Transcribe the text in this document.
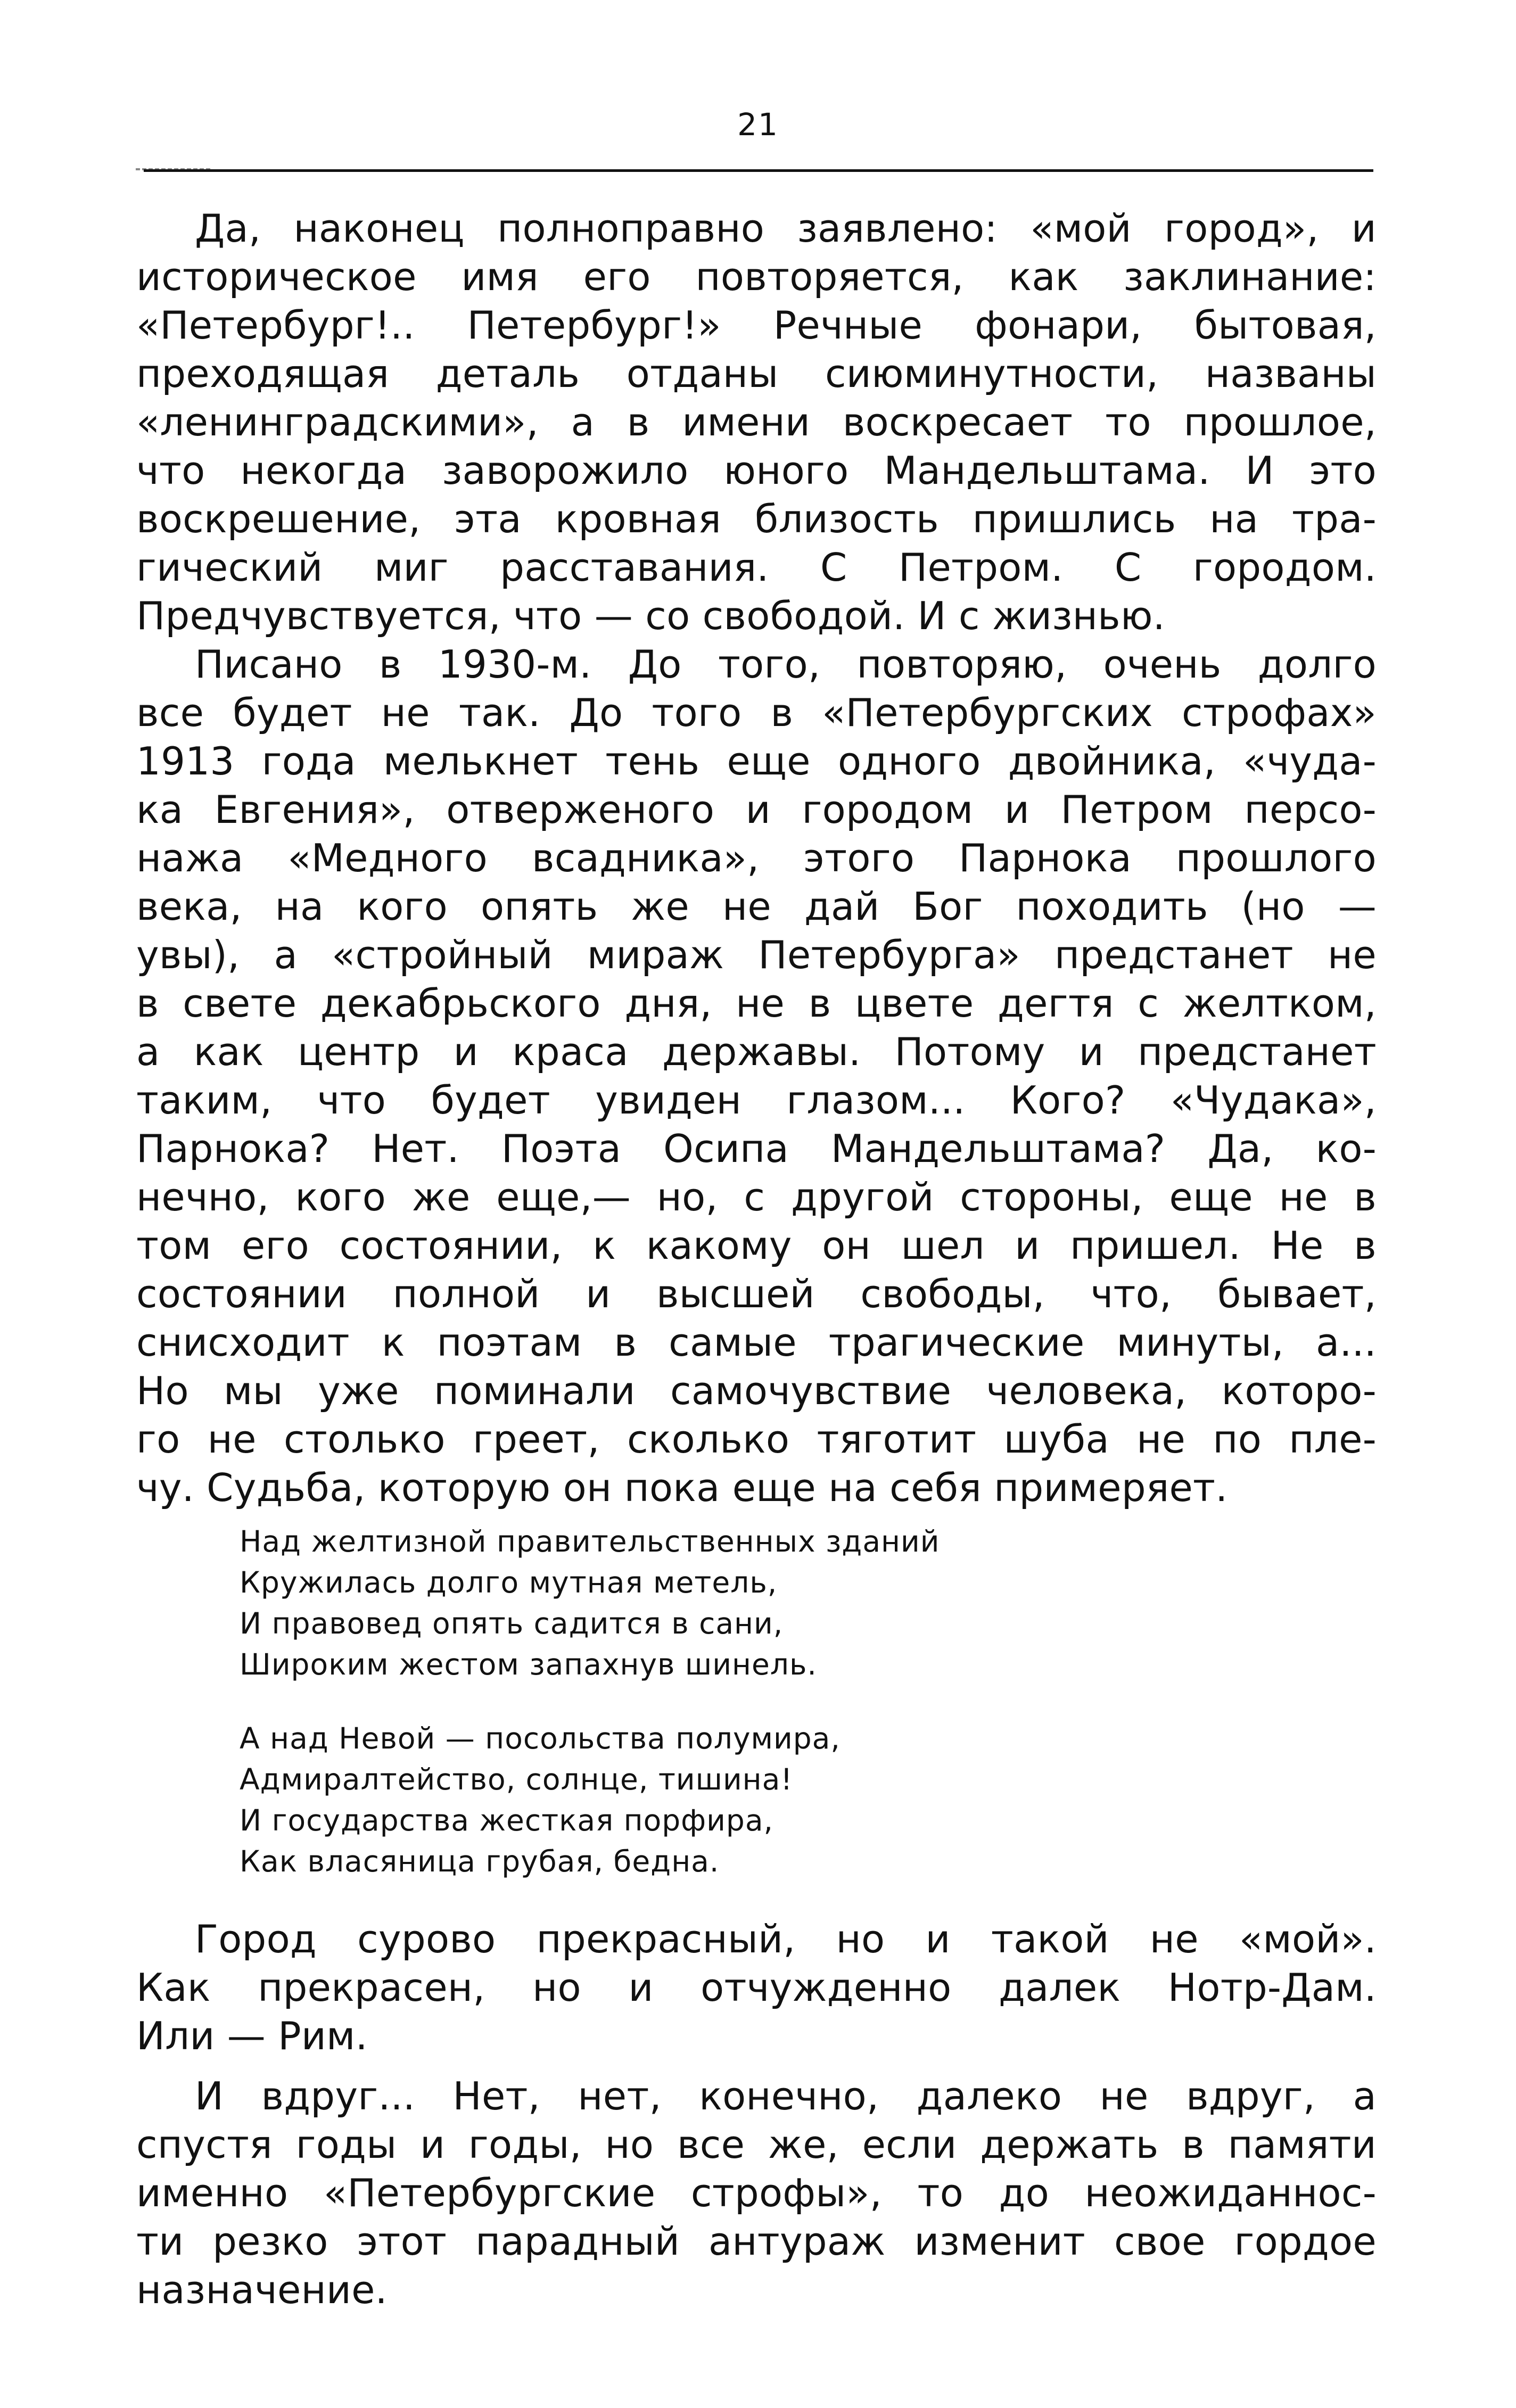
21
Да, наконец полноправно заявлено: «мой город», и
историческое имя его повторяется, как заклинание:
«Петербург!.. Петербург!» Речные фонари, бытовая,
преходящая деталь отданы сиюминутности, названы
«ленинградскими», а в имени воскресает то прошлое,
что некогда заворожило юного Мандельштама. И это
воскрешение, эта кровная близость пришлись на тра-
гический миг расставания. С Петром. С городом.
Предчувствуется, что — со свободой. И с жизнью.
Писано в 1930-м. До того, повторяю, очень долго
все будет не так. До того в «Петербургских строфах»
1913 года мелькнет тень еще одного двойника, «чуда-
ка Евгения», отверженого и городом и Петром персо-
нажа «Медного всадника», этого Парнока прошлого
века, на кого опять же не дай Бог походить (но —
увы), а «стройный мираж Петербурга» предстанет не
в свете декабрьского дня, не в цвете дегтя с желтком,
а как центр и краса державы. Потому и предстанет
таким, что будет увиден глазом... Кого? «Чудака»,
Парнока? Нет. Поэта Осипа Мандельштама? Да, ко-
нечно, кого же еще,— но, с другой стороны, еще не в
том его состоянии, к какому он шел и пришел. Не в
состоянии полной и высшей свободы, что, бывает,
снисходит к поэтам в самые трагические минуты, а...
Но мы уже поминали самочувствие человека, которо-
го не столько греет, сколько тяготит шуба не по пле-
чу. Судьба, которую он пока еще на себя примеряет.
Над желтизной правительственных зданий
Кружилась долго мутная метель,
И правовед опять садится в сани,
Широким жестом запахнув шинель.
А над Невой — посольства полумира,
Адмиралтейство, солнце, тишина!
И государства жесткая порфира,
Как власяница грубая, бедна.
Город сурово прекрасный, но и такой не «мой».
Как прекрасен, но и отчужденно далек Нотр-Дам.
Или — Рим.
И вдруг... Нет, нет, конечно, далеко не вдруг, а
спустя годы и годы, но все же, если держать в памяти
именно «Петербургские строфы», то до неожиданнос-
ти резко этот парадный антураж изменит свое гордое
назначение.
